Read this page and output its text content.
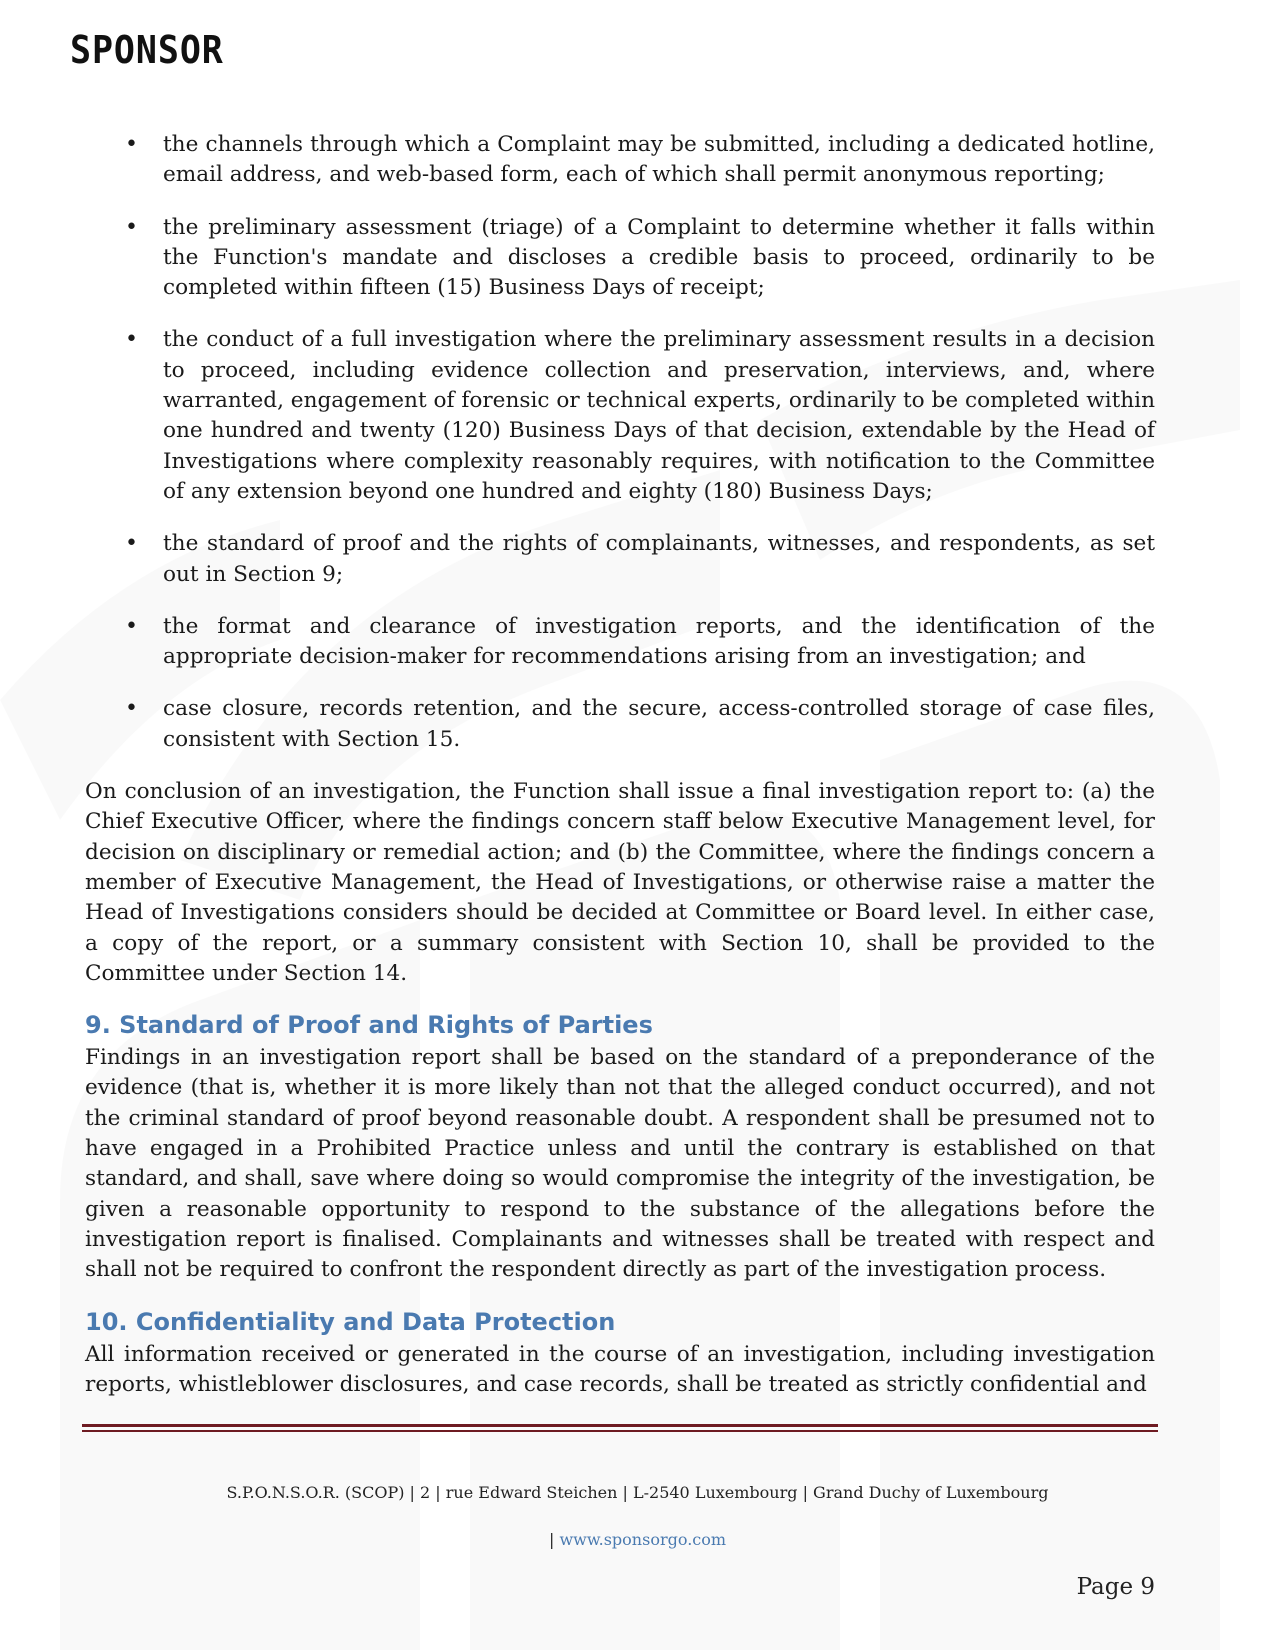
SPONSOR
• the channels through which a Complaint may be submitted, including a dedicated hotline, email address, and web-based form, each of which shall permit anonymous reporting;
• the preliminary assessment (triage) of a Complaint to determine whether it falls within the Function's mandate and discloses a credible basis to proceed, ordinarily to be completed within fifteen (15) Business Days of receipt;
• the conduct of a full investigation where the preliminary assessment results in a decision to proceed, including evidence collection and preservation, interviews, and, where warranted, engagement of forensic or technical experts, ordinarily to be completed within one hundred and twenty (120) Business Days of that decision, extendable by the Head of Investigations where complexity reasonably requires, with notification to the Committee of any extension beyond one hundred and eighty (180) Business Days;
• the standard of proof and the rights of complainants, witnesses, and respondents, as set out in Section 9;
• the format and clearance of investigation reports, and the identification of the appropriate decision-maker for recommendations arising from an investigation; and
• case closure, records retention, and the secure, access-controlled storage of case files, consistent with Section 15.

On conclusion of an investigation, the Function shall issue a final investigation report to: (a) the Chief Executive Officer, where the findings concern staff below Executive Management level, for decision on disciplinary or remedial action; and (b) the Committee, where the findings concern a member of Executive Management, the Head of Investigations, or otherwise raise a matter the Head of Investigations considers should be decided at Committee or Board level. In either case, a copy of the report, or a summary consistent with Section 10, shall be provided to the Committee under Section 14.

9. Standard of Proof and Rights of Parties

Findings in an investigation report shall be based on the standard of a preponderance of the evidence (that is, whether it is more likely than not that the alleged conduct occurred), and not the criminal standard of proof beyond reasonable doubt. A respondent shall be presumed not to have engaged in a Prohibited Practice unless and until the contrary is established on that standard, and shall, save where doing so would compromise the integrity of the investigation, be given a reasonable opportunity to respond to the substance of the allegations before the investigation report is finalised. Complainants and witnesses shall be treated with respect and shall not be required to confront the respondent directly as part of the investigation process.

10. Confidentiality and Data Protection

All information received or generated in the course of an investigation, including investigation reports, whistleblower disclosures, and case records, shall be treated as strictly confidential and

S.P.O.N.S.O.R. (SCOP) | 2 | rue Edward Steichen | L-2540 Luxembourg | Grand Duchy of Luxembourg
| www.sponsorgo.com
Page 9
